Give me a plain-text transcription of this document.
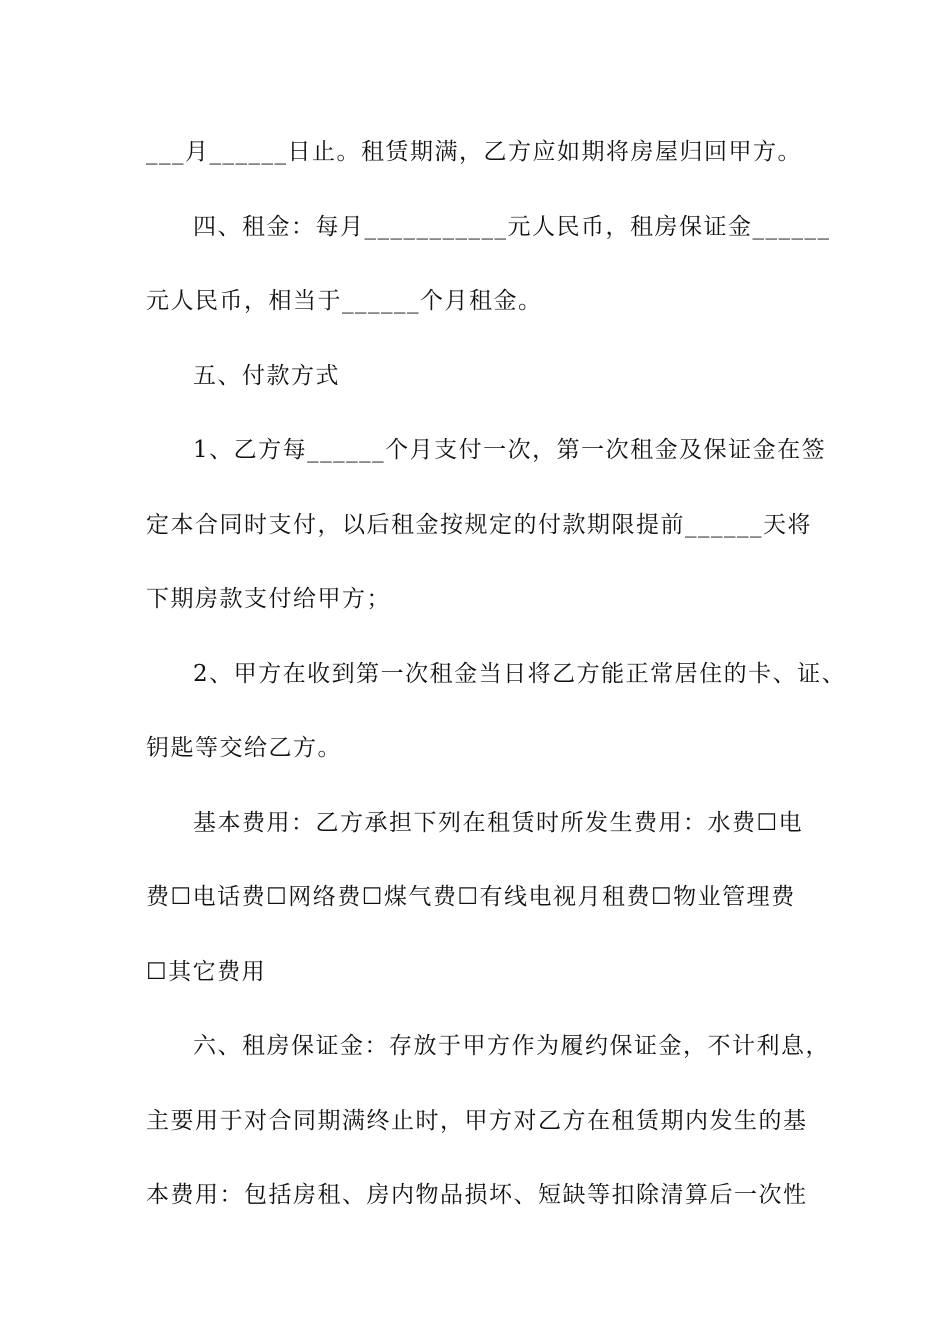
___月______日止。租赁期满，乙方应如期将房屋归回甲方。
四、租金：每月___________元人民币，租房保证金______
元人民币，相当于______个月租金。
五、付款方式
1、乙方每______个月支付一次，第一次租金及保证金在签
定本合同时支付，以后租金按规定的付款期限提前______天将
下期房款支付给甲方；
2、甲方在收到第一次租金当日将乙方能正常居住的卡、证、
钥匙等交给乙方。
基本费用：乙方承担下列在租赁时所发生费用：水费☐电
费☐电话费☐网络费☐煤气费☐有线电视月租费☐物业管理费
☐其它费用
六、租房保证金：存放于甲方作为履约保证金，不计利息，
主要用于对合同期满终止时，甲方对乙方在租赁期内发生的基
本费用：包括房租、房内物品损坏、短缺等扣除清算后一次性
